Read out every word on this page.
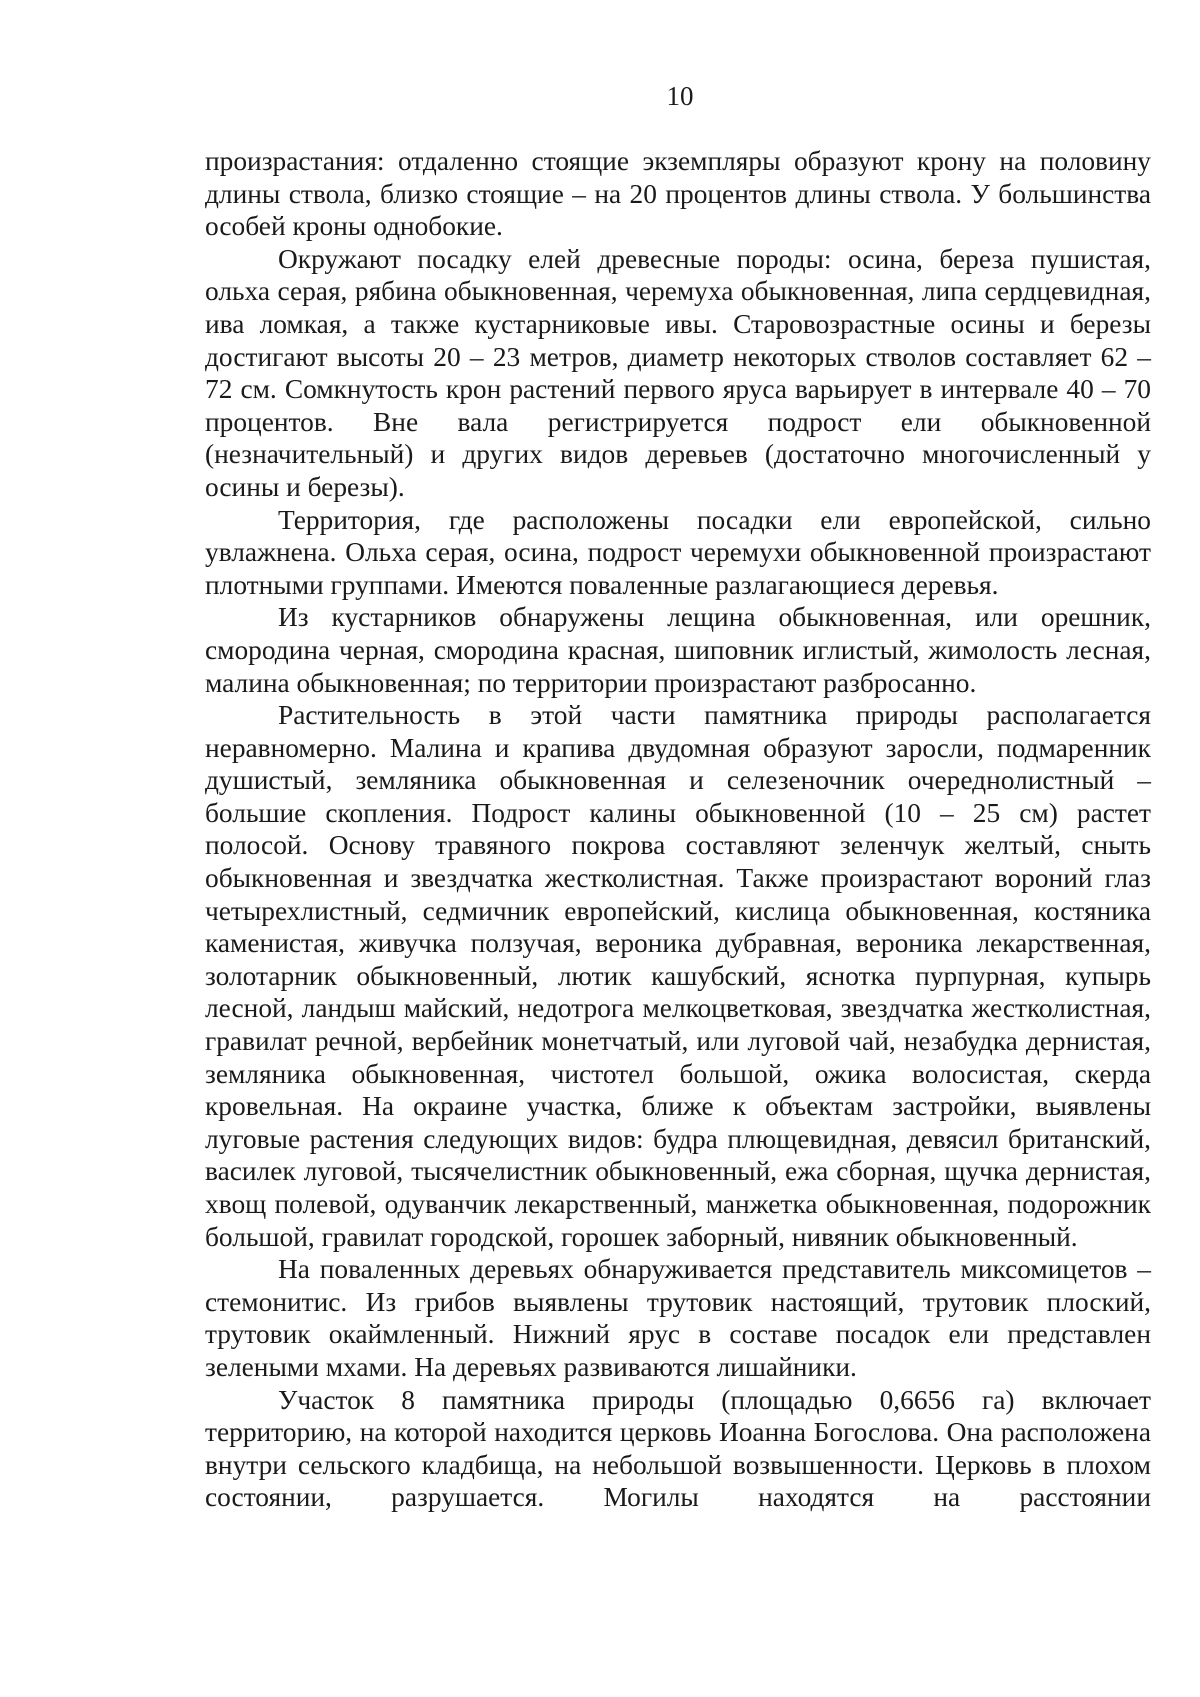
10

произрастания: отдаленно стоящие экземпляры образуют крону на половину длины ствола, близко стоящие – на 20 процентов длины ствола. У большинства особей кроны однобокие.

Окружают посадку елей древесные породы: осина, береза пушистая, ольха серая, рябина обыкновенная, черемуха обыкновенная, липа сердцевидная, ива ломкая, а также кустарниковые ивы. Старовозрастные осины и березы достигают высоты 20 – 23 метров, диаметр некоторых стволов составляет 62 – 72 см. Сомкнутость крон растений первого яруса варьирует в интервале 40 – 70 процентов. Вне вала регистрируется подрост ели обыкновенной (незначительный) и других видов деревьев (достаточно многочисленный у осины и березы).

Территория, где расположены посадки ели европейской, сильно увлажнена. Ольха серая, осина, подрост черемухи обыкновенной произрастают плотными группами. Имеются поваленные разлагающиеся деревья.

Из кустарников обнаружены лещина обыкновенная, или орешник, смородина черная, смородина красная, шиповник иглистый, жимолость лесная, малина обыкновенная; по территории произрастают разбросанно.

Растительность в этой части памятника природы располагается неравномерно. Малина и крапива двудомная образуют заросли, подмаренник душистый, земляника обыкновенная и селезеночник очереднолистный – большие скопления. Подрост калины обыкновенной (10 – 25 см) растет полосой. Основу травяного покрова составляют зеленчук желтый, сныть обыкновенная и звездчатка жестколистная. Также произрастают вороний глаз четырехлистный, седмичник европейский, кислица обыкновенная, костяника каменистая, живучка ползучая, вероника дубравная, вероника лекарственная, золотарник обыкновенный, лютик кашубский, яснотка пурпурная, купырь лесной, ландыш майский, недотрога мелкоцветковая, звездчатка жестколистная, гравилат речной, вербейник монетчатый, или луговой чай, незабудка дернистая, земляника обыкновенная, чистотел большой, ожика волосистая, скерда кровельная. На окраине участка, ближе к объектам застройки, выявлены луговые растения следующих видов: будра плющевидная, девясил британский, василек луговой, тысячелистник обыкновенный, ежа сборная, щучка дернистая, хвощ полевой, одуванчик лекарственный, манжетка обыкновенная, подорожник большой, гравилат городской, горошек заборный, нивяник обыкновенный.

На поваленных деревьях обнаруживается представитель миксомицетов – стемонитис. Из грибов выявлены трутовик настоящий, трутовик плоский, трутовик окаймленный. Нижний ярус в составе посадок ели представлен зелеными мхами. На деревьях развиваются лишайники.

Участок 8 памятника природы (площадью 0,6656 га) включает территорию, на которой находится церковь Иоанна Богослова. Она расположена внутри сельского кладбища, на небольшой возвышенности. Церковь в плохом состоянии, разрушается. Могилы находятся на расстоянии
